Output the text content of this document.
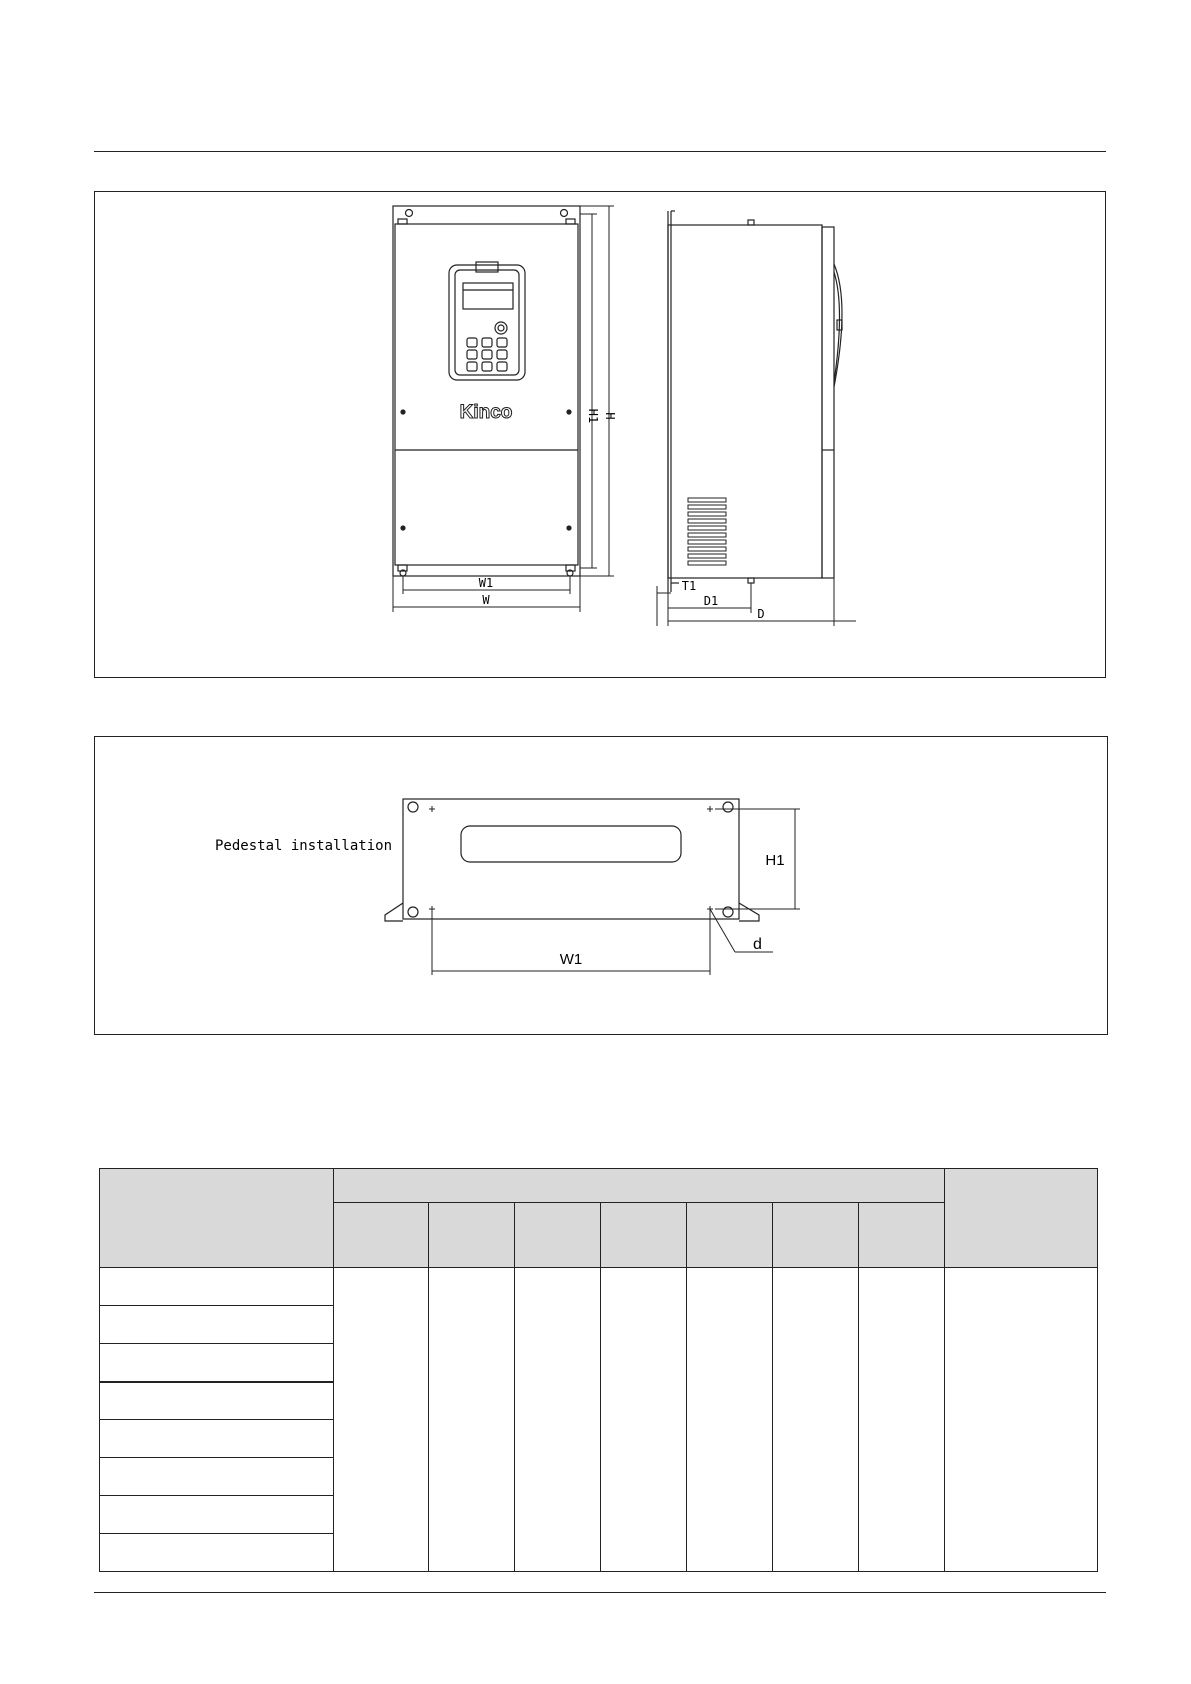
Kinco	H1 H
W1
W
T1
D1
D
Pedestal installation
H1
W1
d
